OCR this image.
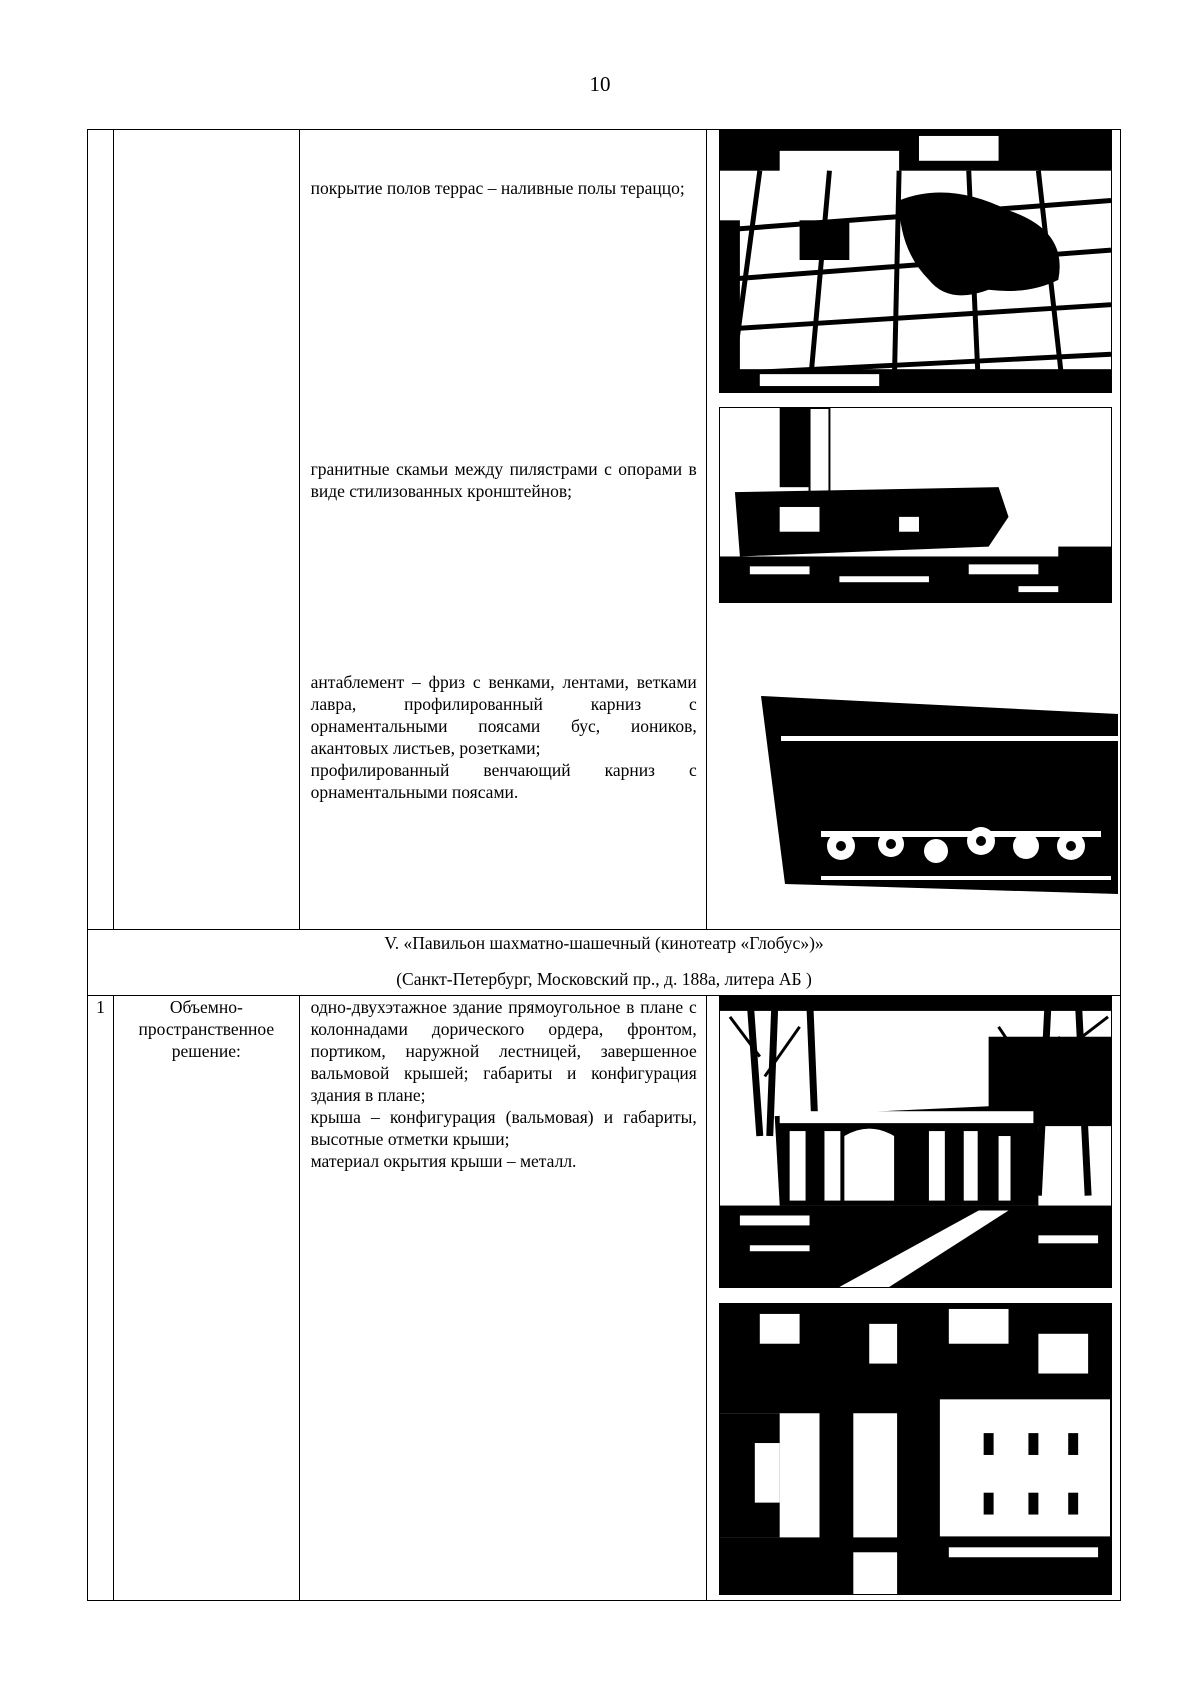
10

		покрытие полов террас – наливные полы тераццо;

гранитные скамьи между пилястрами с опорами в виде стилизованных кронштейнов;

антаблемент – фриз с венками, лентами, ветками лавра, профилированный карниз с орнаментальными поясами бус, иоников, акантовых листьев, розетками;

профилированный венчающий карниз с орнаментальными поясами.

V. «Павильон шахматно-шашечный (кинотеатр «Глобус»)»
(Санкт-Петербург, Московский пр., д. 188а, литера АБ )			

1	Объемно-пространственное решение:	одно-двухэтажное здание прямоугольное в плане с колоннадами дорического ордера, фронтом, портиком, наружной лестницей, завершенное вальмовой крышей; габариты и конфигурация здания в плане;

крыша – конфигурация (вальмовая) и габариты, высотные отметки крыши;

материал окрытия крыши – металл.
